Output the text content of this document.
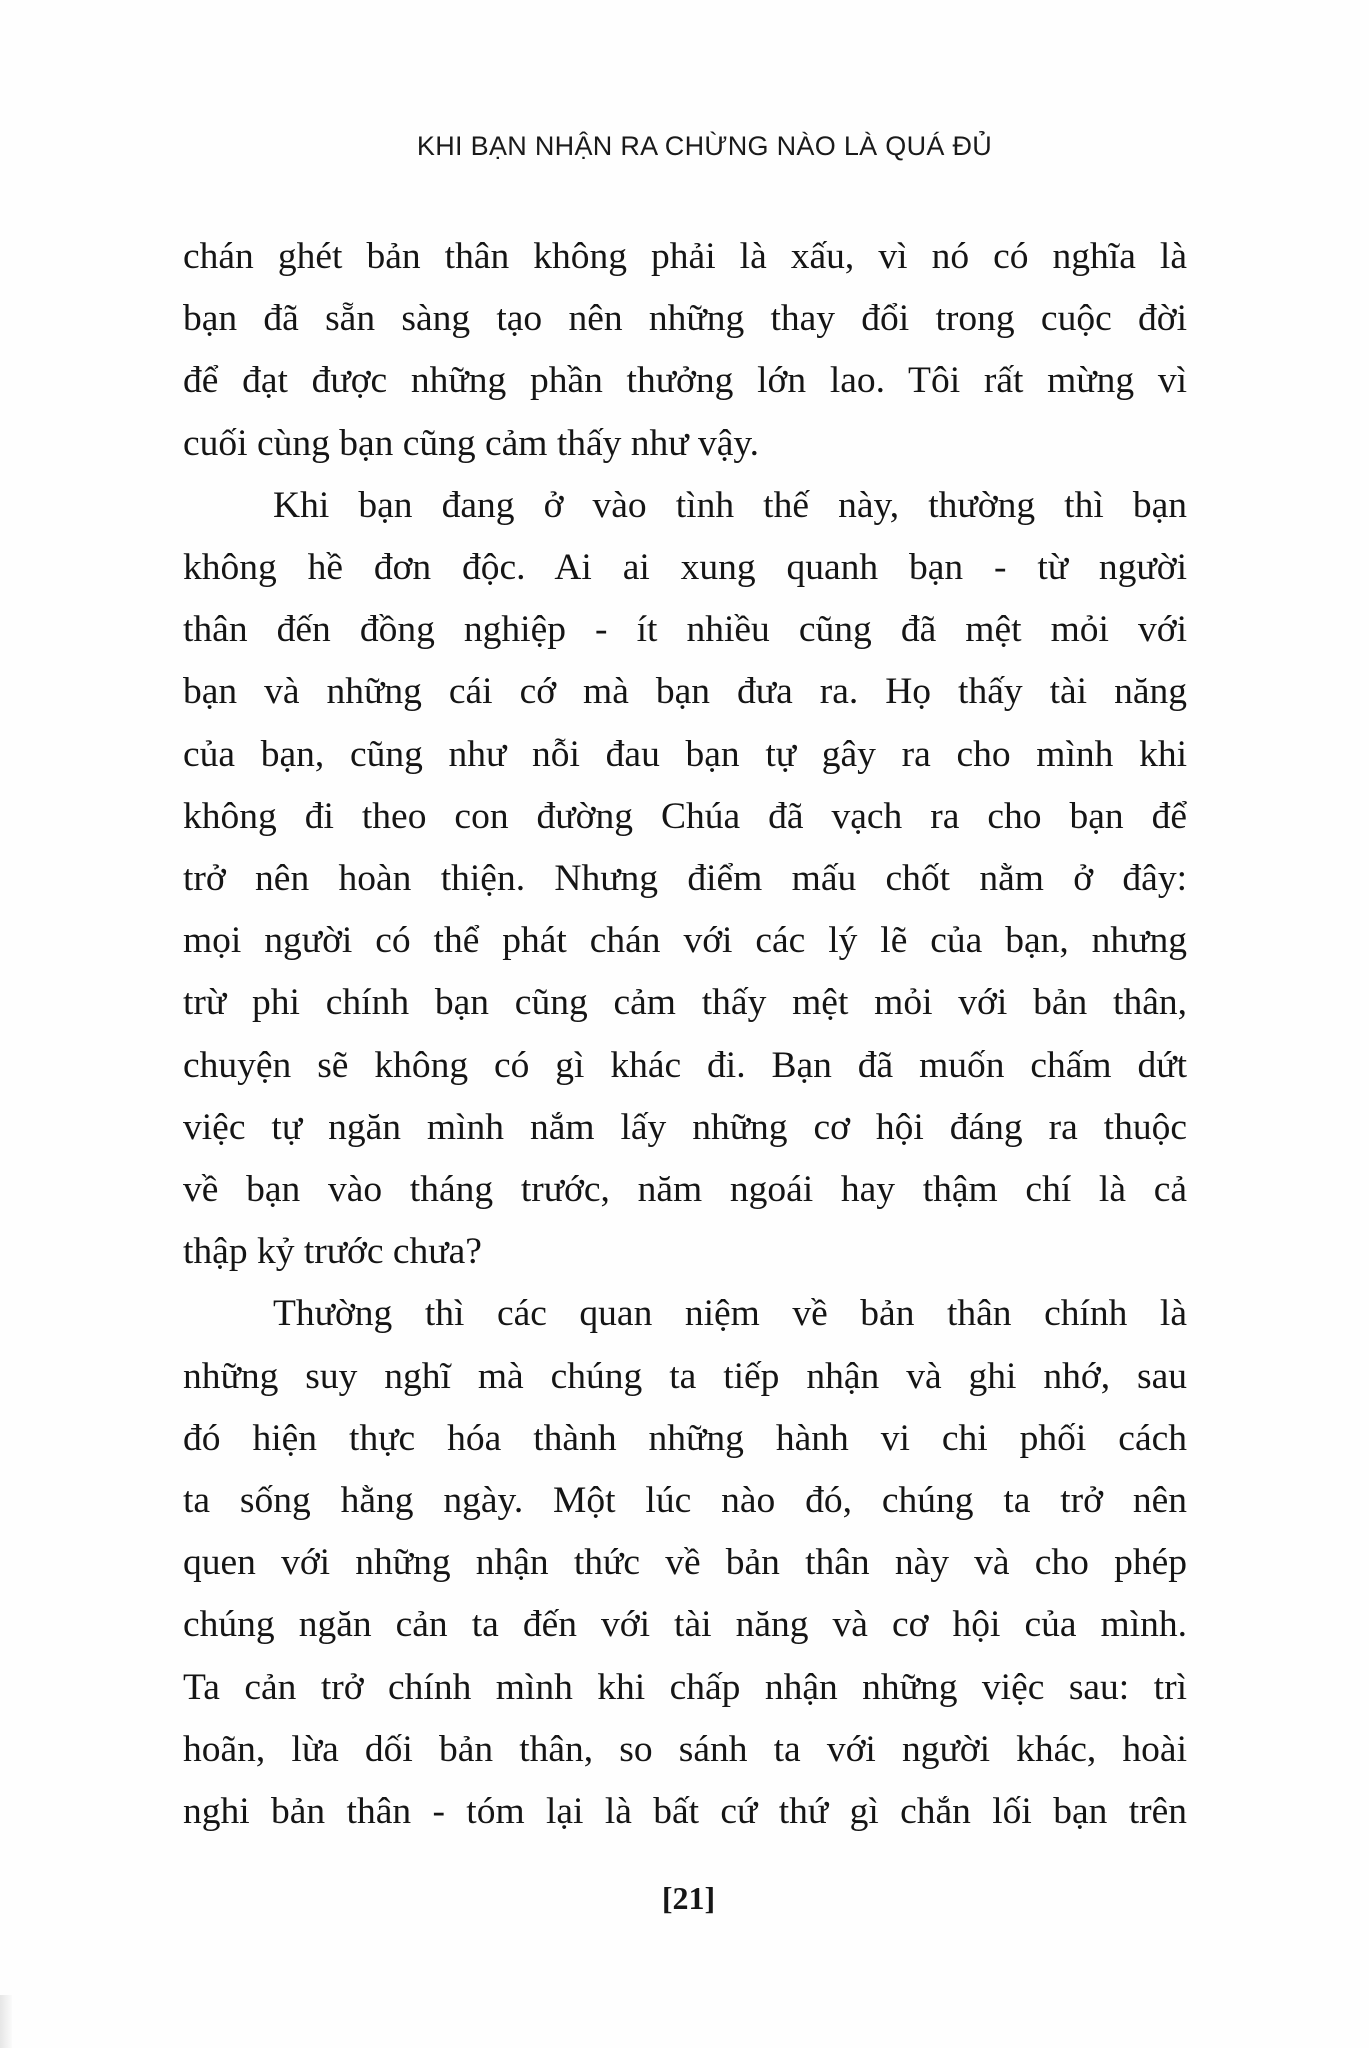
KHI BẠN NHẬN RA CHỪNG NÀO LÀ QUÁ ĐỦ
chán ghét bản thân không phải là xấu, vì nó có nghĩa là
bạn đã sẵn sàng tạo nên những thay đổi trong cuộc đời
để đạt được những phần thưởng lớn lao. Tôi rất mừng vì
cuối cùng bạn cũng cảm thấy như vậy.
Khi bạn đang ở vào tình thế này, thường thì bạn
không hề đơn độc. Ai ai xung quanh bạn - từ người
thân đến đồng nghiệp - ít nhiều cũng đã mệt mỏi với
bạn và những cái cớ mà bạn đưa ra. Họ thấy tài năng
của bạn, cũng như nỗi đau bạn tự gây ra cho mình khi
không đi theo con đường Chúa đã vạch ra cho bạn để
trở nên hoàn thiện. Nhưng điểm mấu chốt nằm ở đây:
mọi người có thể phát chán với các lý lẽ của bạn, nhưng
trừ phi chính bạn cũng cảm thấy mệt mỏi với bản thân,
chuyện sẽ không có gì khác đi. Bạn đã muốn chấm dứt
việc tự ngăn mình nắm lấy những cơ hội đáng ra thuộc
về bạn vào tháng trước, năm ngoái hay thậm chí là cả
thập kỷ trước chưa?
Thường thì các quan niệm về bản thân chính là
những suy nghĩ mà chúng ta tiếp nhận và ghi nhớ, sau
đó hiện thực hóa thành những hành vi chi phối cách
ta sống hằng ngày. Một lúc nào đó, chúng ta trở nên
quen với những nhận thức về bản thân này và cho phép
chúng ngăn cản ta đến với tài năng và cơ hội của mình.
Ta cản trở chính mình khi chấp nhận những việc sau: trì
hoãn, lừa dối bản thân, so sánh ta với người khác, hoài
nghi bản thân - tóm lại là bất cứ thứ gì chắn lối bạn trên
[21]
